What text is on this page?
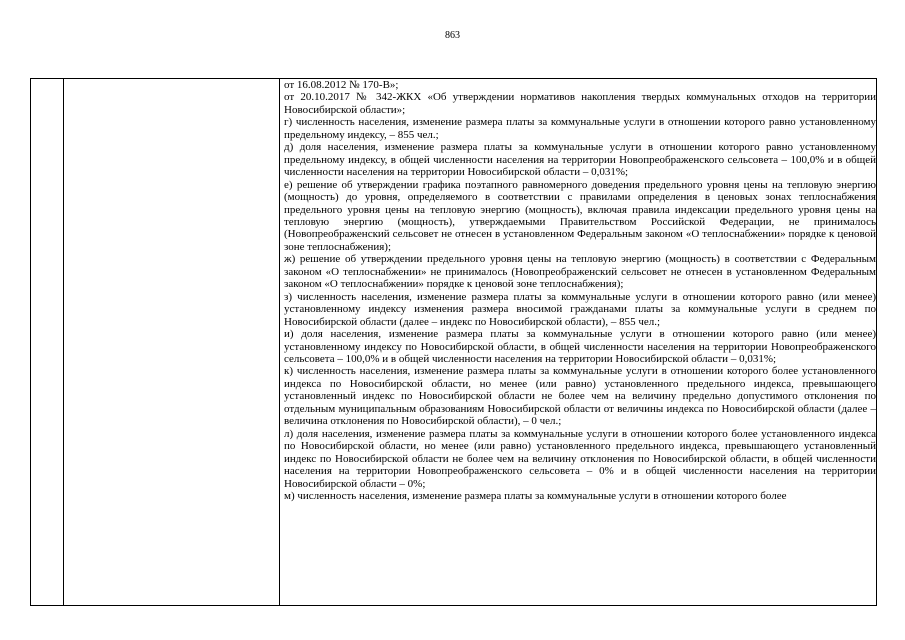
863

от 16.08.2012 № 170-В»;

от 20.10.2017 № 342-ЖКХ «Об утверждении нормативов накопления твердых коммунальных отходов на территории Новосибирской области»;

г) численность населения, изменение размера платы за коммунальные услуги в отношении которого равно установленному предельному индексу, – 855 чел.;

д) доля населения, изменение размера платы за коммунальные услуги в отношении которого равно установленному предельному индексу, в общей численности населения на территории Новопреображенского сельсовета – 100,0% и в общей численности населения на территории Новосибирской области – 0,031%;

е) решение об утверждении графика поэтапного равномерного доведения предельного уровня цены на тепловую энергию (мощность) до уровня, определяемого в соответствии с правилами определения в ценовых зонах теплоснабжения предельного уровня цены на тепловую энергию (мощность), включая правила индексации предельного уровня цены на тепловую энергию (мощность), утверждаемыми Правительством Российской Федерации, не принималось (Новопреображенский сельсовет не отнесен в установленном Федеральным законом «О теплоснабжении» порядке к ценовой зоне теплоснабжения);

ж) решение об утверждении предельного уровня цены на тепловую энергию (мощность) в соответствии с Федеральным законом «О теплоснабжении» не принималось (Новопреображенский сельсовет не отнесен в установленном Федеральным законом «О теплоснабжении» порядке к ценовой зоне теплоснабжения);

з) численность населения, изменение размера платы за коммунальные услуги в отношении которого равно (или менее) установленному индексу изменения размера вносимой гражданами платы за коммунальные услуги в среднем по Новосибирской области (далее – индекс по Новосибирской области), – 855 чел.;

и) доля населения, изменение размера платы за коммунальные услуги в отношении которого равно (или менее) установленному индексу по Новосибирской области, в общей численности населения на территории Новопреображенского сельсовета – 100,0% и в общей численности населения на территории Новосибирской области – 0,031%;

к) численность населения, изменение размера платы за коммунальные услуги в отношении которого более установленного индекса по Новосибирской области, но менее (или равно) установленного предельного индекса, превышающего установленный индекс по Новосибирской области не более чем на величину предельно допустимого отклонения по отдельным муниципальным образованиям Новосибирской области от величины индекса по Новосибирской области (далее – величина отклонения по Новосибирской области), – 0 чел.;

л) доля населения, изменение размера платы за коммунальные услуги в отношении которого более установленного индекса по Новосибирской области, но менее (или равно) установленного предельного индекса, превышающего установленный индекс по Новосибирской области не более чем на величину отклонения по Новосибирской области, в общей численности населения на территории Новопреображенского сельсовета – 0% и в общей численности населения на территории Новосибирской области – 0%;

м) численность населения, изменение размера платы за коммунальные услуги в отношении которого более
